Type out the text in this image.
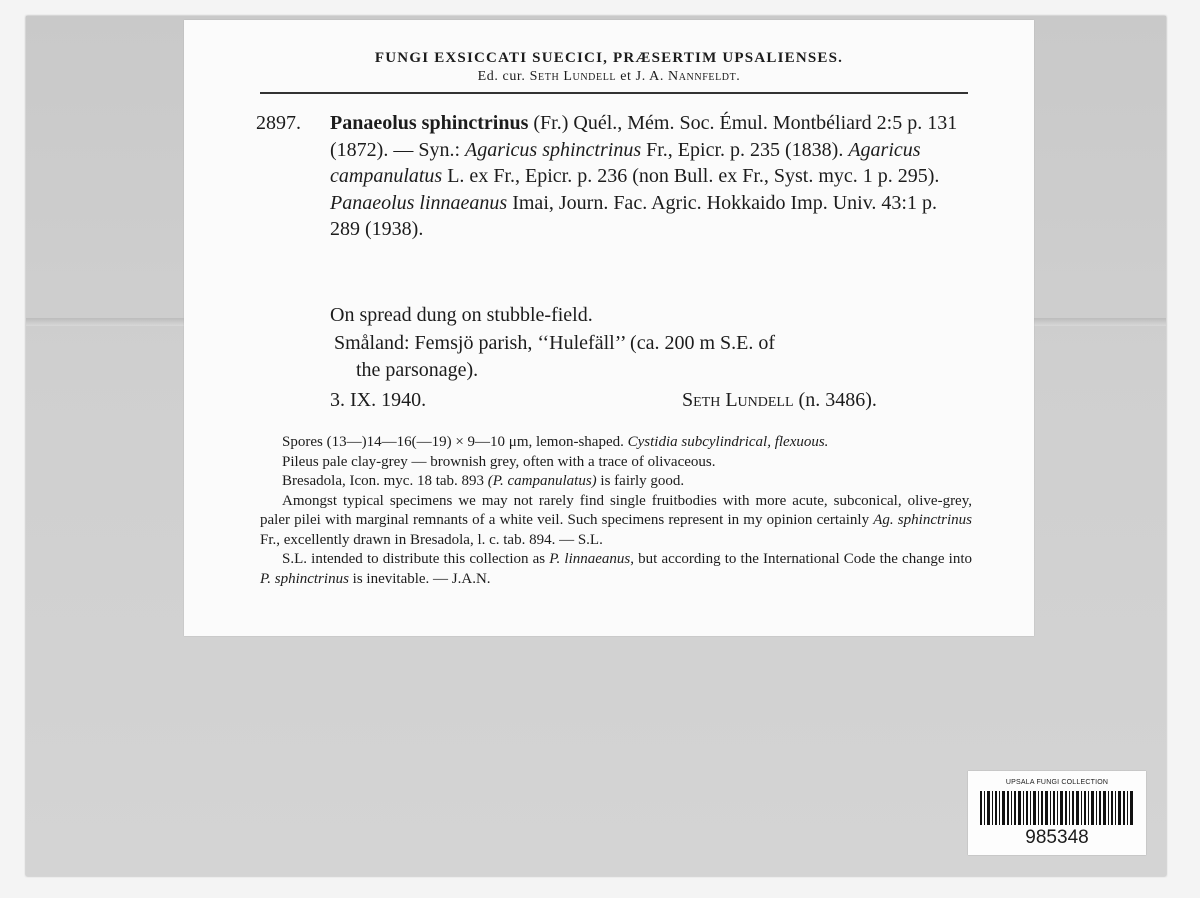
FUNGI EXSICCATI SUECICI, PRÆSERTIM UPSALIENSES.
Ed. cur. Seth Lundell et J. A. Nannfeldt.
2897. Panaeolus sphinctrinus (Fr.) Quél., Mém. Soc. Émul. Montbéliard 2:5 p. 131 (1872). — Syn.: Agaricus sphinctrinus Fr., Epicr. p. 235 (1838). Agaricus campanulatus L. ex Fr., Epicr. p. 236 (non Bull. ex Fr., Syst. myc. 1 p. 295). Panaeolus linnaeanus Imai, Journ. Fac. Agric. Hokkaido Imp. Univ. 43:1 p. 289 (1938).
On spread dung on stubble-field.
Småland: Femsjö parish, ‘‘Hulefäll’’ (ca. 200 m S.E. of
the parsonage).
3. IX. 1940.	Seth Lundell (n. 3486).

Spores (13—)14—16(—19) × 9—10 μm, lemon-shaped. Cystidia subcylindrical, flexuous.

Pileus pale clay-grey — brownish grey, often with a trace of olivaceous.

Bresadola, Icon. myc. 18 tab. 893 (P. campanulatus) is fairly good.

Amongst typical specimens we may not rarely find single fruitbodies with more acute, subconical, olive-grey, paler pilei with marginal remnants of a white veil. Such specimens represent in my opinion certainly Ag. sphinctrinus Fr., excellently drawn in Bresadola, l. c. tab. 894. — S.L.

S.L. intended to distribute this collection as P. linnaeanus, but according to the International Code the change into P. sphinctrinus is inevitable. — J.A.N.

UPSALA FUNGI COLLECTION
985348
